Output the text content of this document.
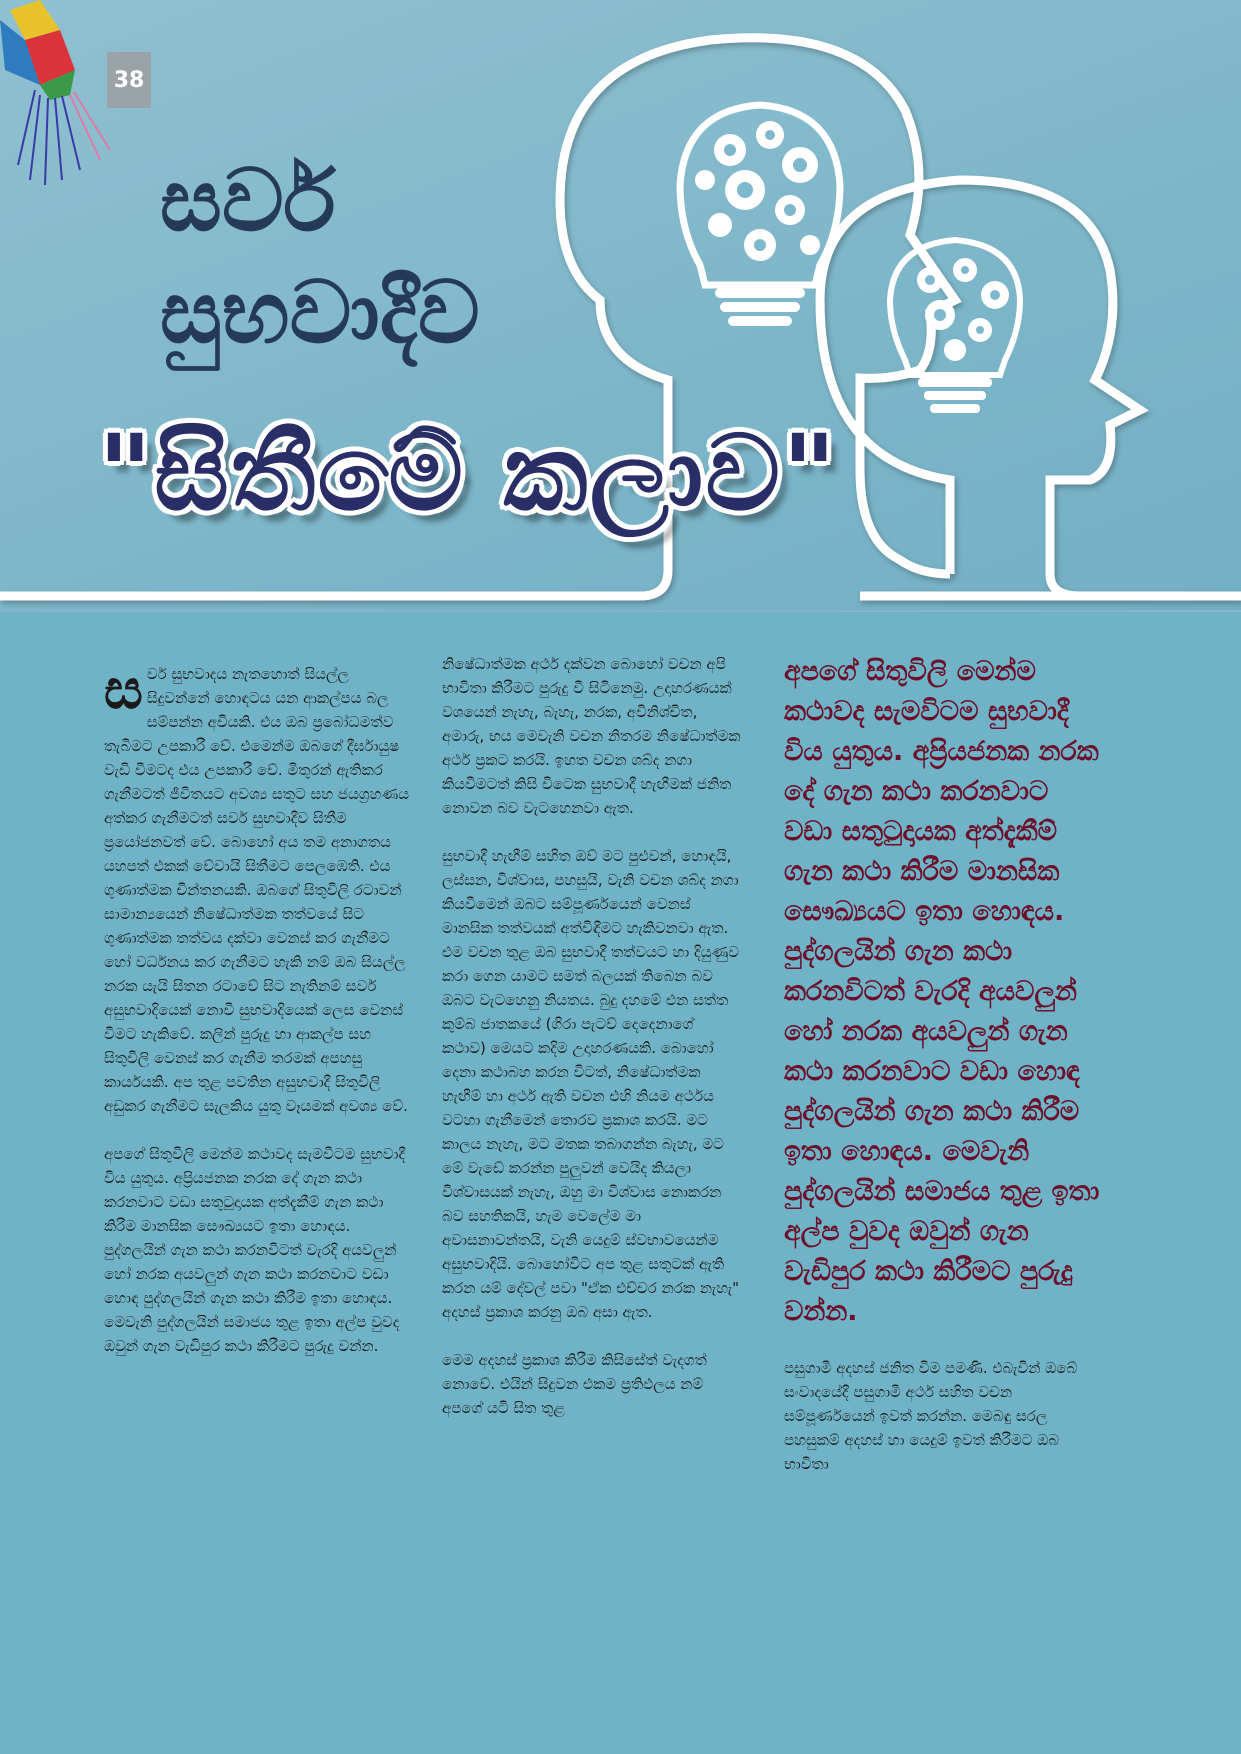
38
සර්ව
සුභවාදීව
"සිතීමේ කලාව"

සර්ව සුභවාදය නැතහොත් සියල්ල සිදුවන්නේ හොඳටය යන ආකල්පය බල සම්පන්න අවියකි. එය ඔබ ප්‍රබෝධමත්ව තැබීමට උපකාරී වේ. එමෙන්ම ඔබගේ දීර්ඝායුෂ වැඩි වීමටද එය උපකාරී වේ. මිතුරන් ඇතිකර ගැනීමටත් ජීවිතයට අවශ්‍ය සතුට සහ ජයග්‍රහණය අත්කර ගැනීමටත් සර්ව සුභවාදීව සිතීම ප්‍රයෝජනවත් වේ. බොහෝ අය තම අනාගතය යහපත් එකක් වේවායි සිතීමට පෙලඹෙති. එය ගුණාත්මක චින්තනයකි. ඔබගේ සිතුවිලි රටාවන් සාමාන්‍යයෙන් නිෂේධාත්මක තත්වයේ සිට ගුණාත්මක තත්වය දක්වා වෙනස් කර ගැනීමට හෝ වර්ධනය කර ගැනීමට හැකි නම් ඔබ සියල්ල නරක යැයි සිතන රටාවේ සිට නැතිනම් සර්ව අසුභවාදියෙක් නොවී සුභවාදියෙක් ලෙස වෙනස් වීමට හැකිවේ. කලින් පුරුදු හා ආකල්ප සහ සිතුවිලි වෙනස් කර ගැනීම තරමක් අපහසු කාර්යයකි. අප තුළ පවතින අසුභවාදී සිතුවිලි අඩුකර ගැනීමට සැලකිය යුතු වෑයමක් අවශ්‍ය වේ.

අපගේ සිතුවිලි මෙන්ම කථාවද සැමවිටම සුභවාදී විය යුතුය. අප්‍රියජනක නරක දේ ගැන කථා කරනවාට වඩා සතුටුදායක අත්දැකීම් ගැන කථා කිරීම මානසික සෞඛ්‍යයට ඉතා හොඳය. පුද්ගලයින් ගැන කථා කරනවිටත් වැරදි අයවලුන් හෝ නරක අයවලුන් ගැන කථා කරනවාට වඩා හොඳ පුද්ගලයින් ගැන කථා කිරීම ඉතා හොඳය. මෙවැනි පුද්ගලයින් සමාජය තුළ ඉතා අල්ප වුවද ඔවුන් ගැන වැඩිපුර කථා කිරීමට පුරුදු වන්න.

නිෂේධාත්මක අර්ථ දක්වන බොහෝ වචන අපි භාවිතා කිරීමට පුරුදු වී සිටිනෙමු. උදාහරණයක් වශයෙන් නැහැ, බැහැ, නරක, අවිනිශ්චිත, අමාරු, භය මෙවැනි වචන නිතරම නිෂේධාත්මක අර්ථ ප්‍රකට කරයි. ඉහත වචන ශබ්ද නගා කියවීමටත් කිසි විටෙක සුභවාදී හැඟීමක් ජනිත නොවන බව වැටහෙනවා ඇත.

සුභවාදී හැඟීම් සහිත ඔව් මට පුළුවන්, හොඳයි, ලස්සන, විශ්වාස, පහසුයි, වැනි වචන ශබ්ද නගා කියවීමෙන් ඔබට සම්පූර්ණයෙන් වෙනස් මානසික තත්වයක් අත්විඳීමට හැකිවනවා ඇත. එම වචන තුළ ඔබ සුභවාදී තත්වයට හා දියුණුව කරා ගෙන යාමට සමත් බලයක් තිබෙන බව ඔබට වැටහෙනු නියතය. බුදු දහමේ එන සත්ත කුම්බ ජාතකයේ (ගිරා පැටව් දෙදෙනාගේ කථාව) මෙයට කදිම උදාහරණයකි. බොහෝ දෙනා කථාබහ කරන විටත්, නිෂේධාත්මක හැඟීම් හා අර්ථ ඇති වචන එහි නියම අර්ථය වටහා ගැනීමෙන් තොරව ප්‍රකාශ කරයි. මට කාලය නැහැ, මට මතක තබාගන්න බැහැ, මට මේ වැඩේ කරන්න පුලුවන් වෙයිද කියලා විශ්වාසයක් නැහැ, ඔහු මා විශ්වාස නොකරන බව සහතිකයි, හැම වෙලේම මා අවාසනාවන්තයි, වැනි යෙදුම් ස්වභාවයෙන්ම අසුභවාදියි. බොහෝවිට අප තුළ සතුටක් ඇති කරන යම් දේවල් පවා "ඒක එච්චර නරක නැහැ" අදහස් ප්‍රකාශ කරනු ඔබ අසා ඇත.

මෙම අදහස් ප්‍රකාශ කිරීම කිසිසේත් වැදගත් නොවේ. එයින් සිදුවන එකම ප්‍රතිඵලය නම් අපගේ යටි සිත තුළ

අපගේ සිතුවිලි මෙන්ම කථාවද සැමවිටම සුභවාදී විය යුතුය. අප්‍රියජනක නරක දේ ගැන කථා කරනවාට වඩා සතුටුදායක අත්දැකීම් ගැන කථා කිරීම මානසික සෞඛ්‍යයට ඉතා හොඳය. පුද්ගලයින් ගැන කථා කරනවිටත් වැරදි අයවලුන් හෝ නරක අයවලුන් ගැන කථා කරනවාට වඩා හොඳ පුද්ගලයින් ගැන කථා කිරීම ඉතා හොඳය. මෙවැනි පුද්ගලයින් සමාජය තුළ ඉතා අල්ප වුවද ඔවුන් ගැන වැඩිපුර කථා කිරීමට පුරුදු වන්න.

පසුගාමී අදහස් ජනිත වීම පමණි. එබැවින් ඔබේ සංවාදයේදී පසුගාමී අර්ථ සහිත වචන සම්පූර්ණයෙන් ඉවත් කරන්න. මෙබඳු සරල පහසුකම් අදහස් හා යෙදුම් ඉවත් කිරීමට ඔබ භාවිතා
